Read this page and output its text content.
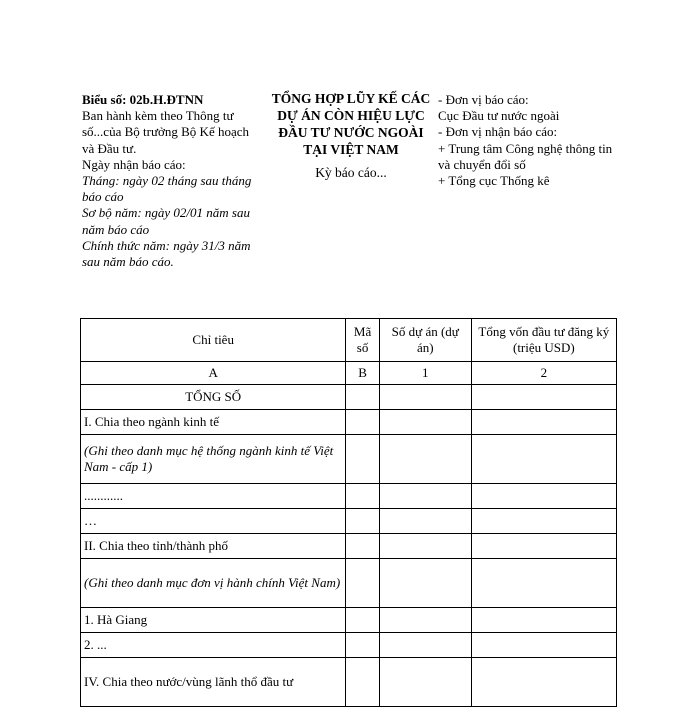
Biểu số: 02b.H.ĐTNN
Ban hành kèm theo Thông tư số...của Bộ trưởng Bộ Kế hoạch và Đầu tư.
Ngày nhận báo cáo:
Tháng: ngày 02 tháng sau tháng báo cáo
Sơ bộ năm: ngày 02/01 năm sau năm báo cáo
Chính thức năm: ngày 31/3 năm sau năm báo cáo.
TỔNG HỢP LŨY KẾ CÁC
DỰ ÁN CÒN HIỆU LỰC
ĐẦU TƯ NƯỚC NGOÀI
TẠI VIỆT NAM
Kỳ báo cáo...
- Đơn vị báo cáo:
Cục Đầu tư nước ngoài
- Đơn vị nhận báo cáo:
+ Trung tâm Công nghệ thông tin và chuyển đổi số
+ Tổng cục Thống kê
Chỉ tiêu	Mã số	Số dự án (dự án)	Tổng vốn đầu tư đăng ký (triệu USD)
A	B	1	2
TỔNG SỐ			
I. Chia theo ngành kinh tế			
(Ghi theo danh mục hệ thống ngành kinh tế Việt Nam - cấp 1)			
............			
…			
II. Chia theo tỉnh/thành phố			
(Ghi theo danh mục đơn vị hành chính Việt Nam)			
1. Hà Giang			
2. ...			
IV. Chia theo nước/vùng lãnh thổ đầu tư			
